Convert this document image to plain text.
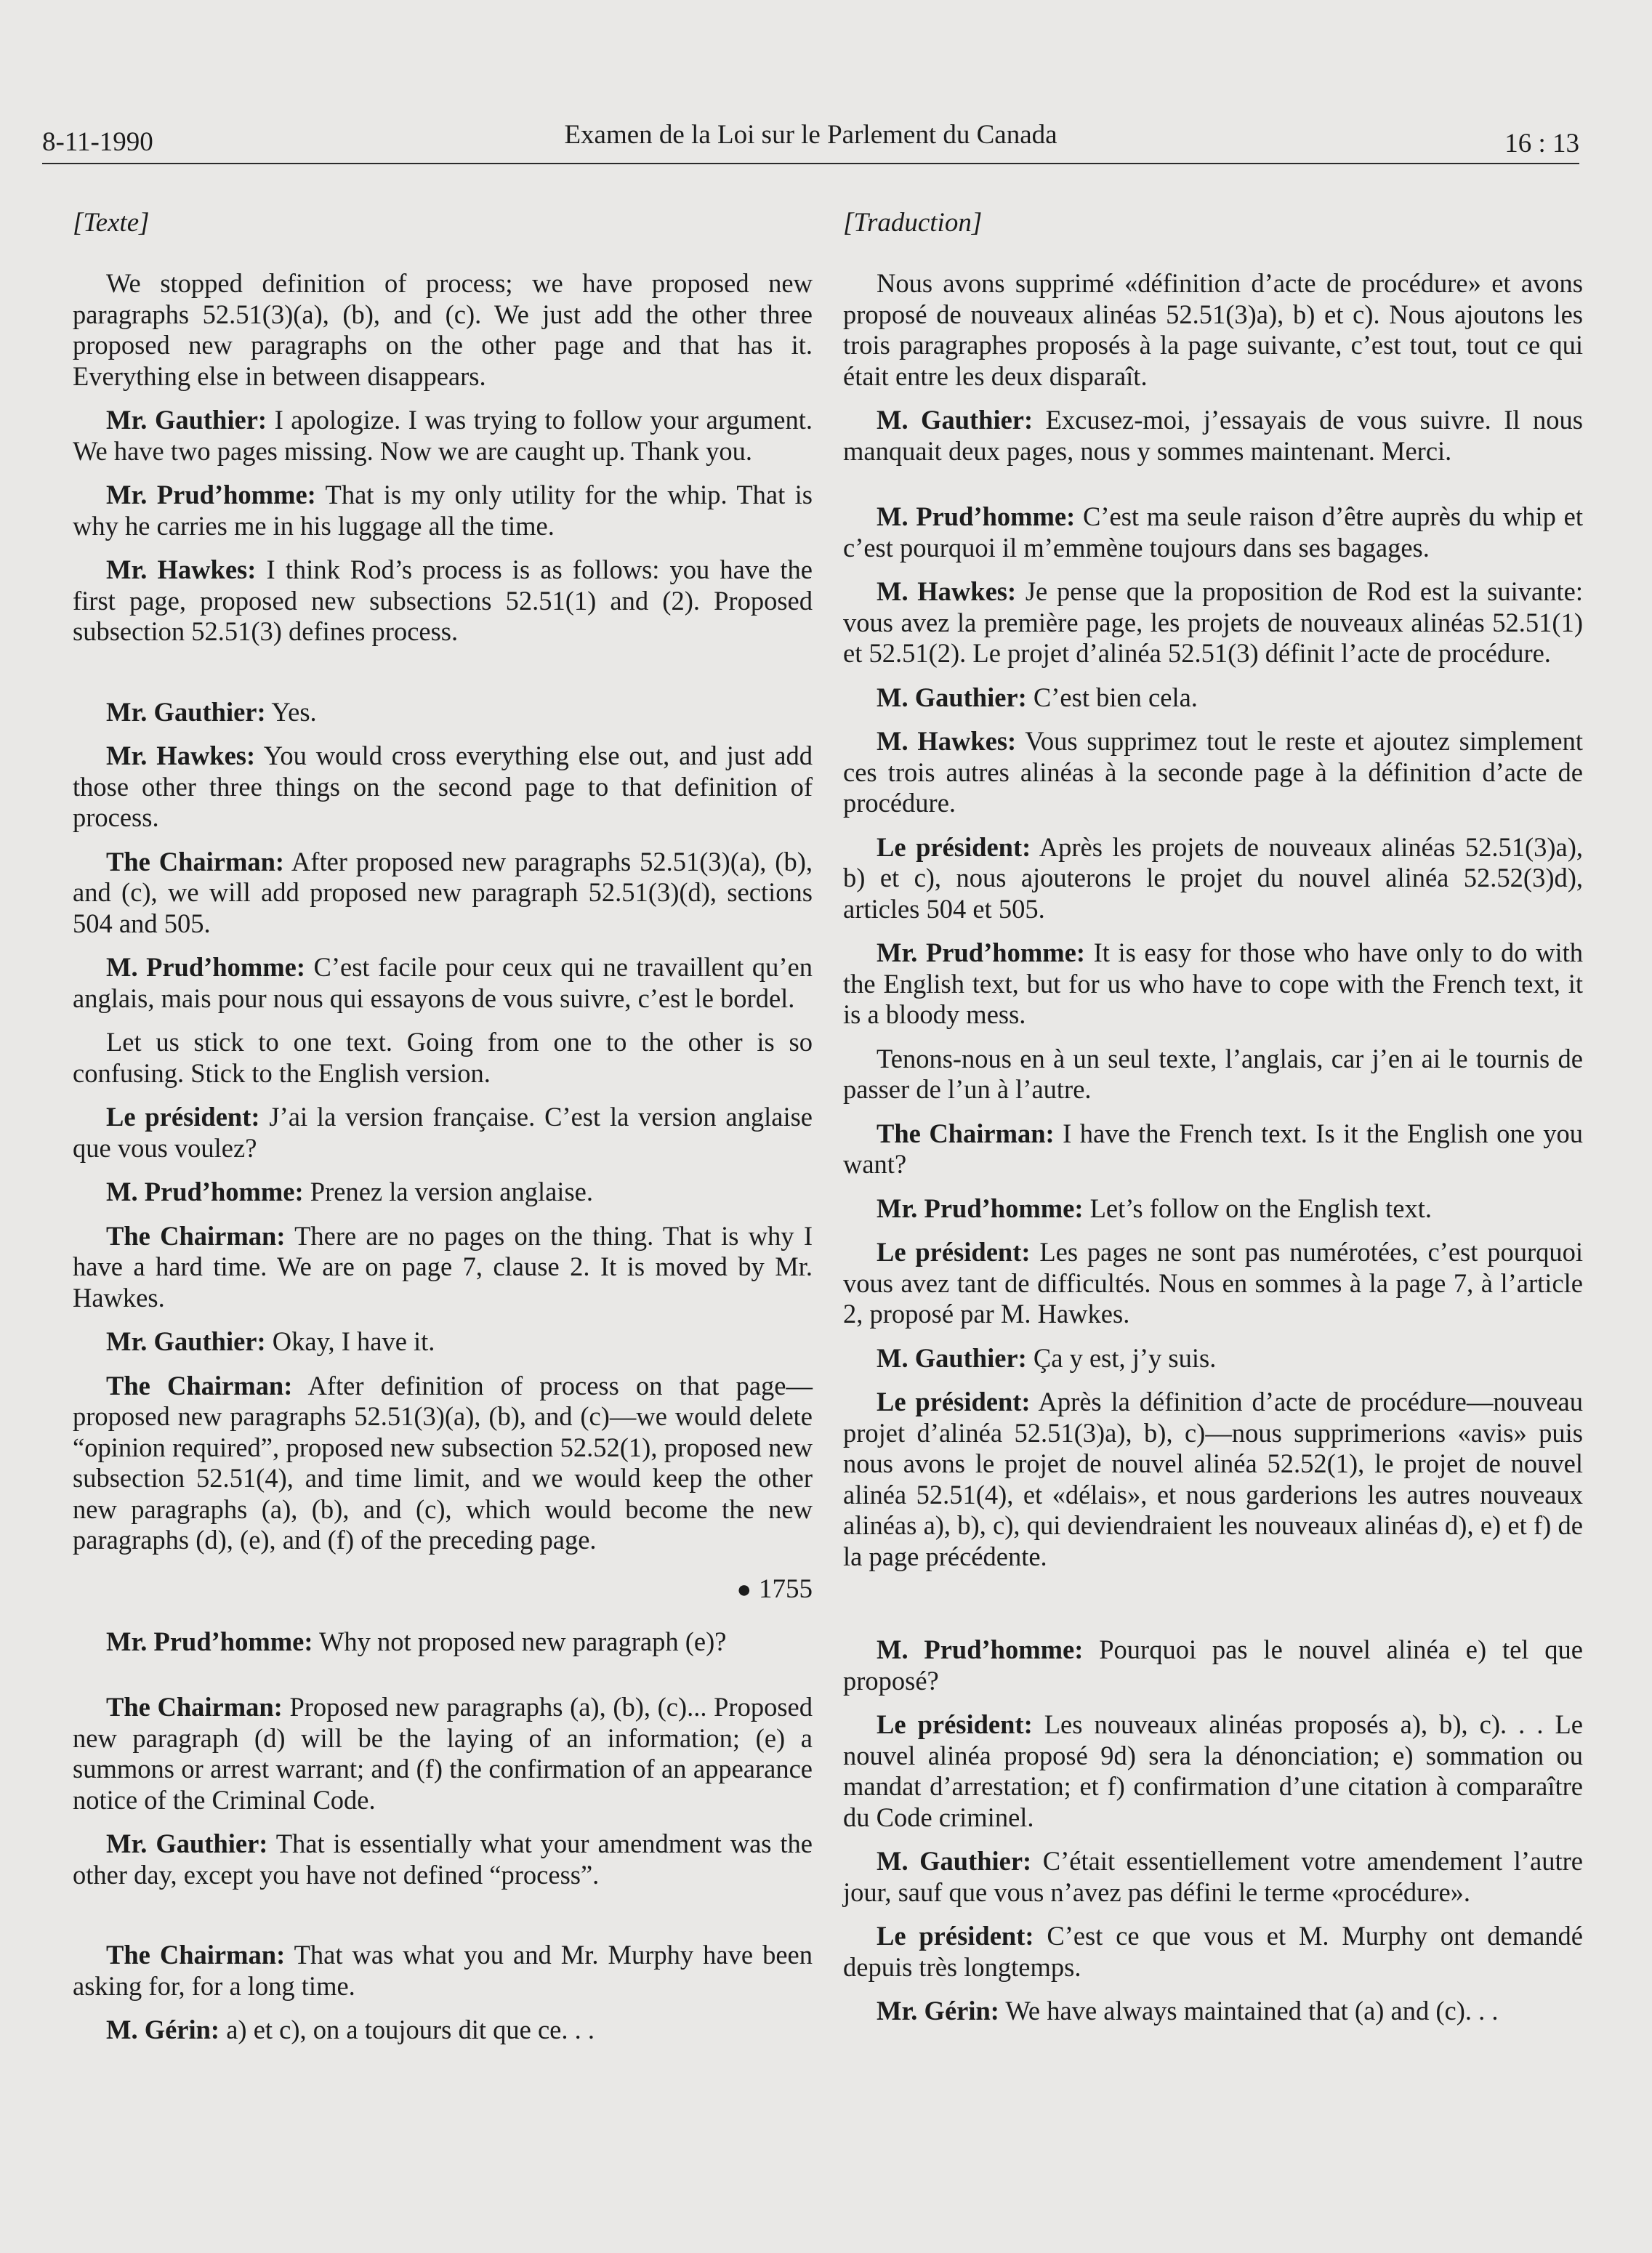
8-11-1990	Examen de la Loi sur le Parlement du Canada	16 : 13
[Texte]

We stopped definition of process; we have proposed new paragraphs 52.51(3)(a), (b), and (c). We just add the other three proposed new paragraphs on the other page and that has it. Everything else in between disappears.

Mr. Gauthier: I apologize. I was trying to follow your argument. We have two pages missing. Now we are caught up. Thank you.

Mr. Prud’homme: That is my only utility for the whip. That is why he carries me in his luggage all the time.

Mr. Hawkes: I think Rod’s process is as follows: you have the first page, proposed new subsections 52.51(1) and (2). Proposed subsection 52.51(3) defines process.

Mr. Gauthier: Yes.

Mr. Hawkes: You would cross everything else out, and just add those other three things on the second page to that definition of process.

The Chairman: After proposed new paragraphs 52.51(3)(a), (b), and (c), we will add proposed new paragraph 52.51(3)(d), sections 504 and 505.

M. Prud’homme: C’est facile pour ceux qui ne travaillent qu’en anglais, mais pour nous qui essayons de vous suivre, c’est le bordel.

Let us stick to one text. Going from one to the other is so confusing. Stick to the English version.

Le président: J’ai la version française. C’est la version anglaise que vous voulez?

M. Prud’homme: Prenez la version anglaise.

The Chairman: There are no pages on the thing. That is why I have a hard time. We are on page 7, clause 2. It is moved by Mr. Hawkes.

Mr. Gauthier: Okay, I have it.

The Chairman: After definition of process on that page—proposed new paragraphs 52.51(3)(a), (b), and (c)—we would delete “opinion required”, proposed new subsection 52.52(1), proposed new subsection 52.51(4), and time limit, and we would keep the other new paragraphs (a), (b), and (c), which would become the new paragraphs (d), (e), and (f) of the preceding page.

● 1755

Mr. Prud’homme: Why not proposed new paragraph (e)?

The Chairman: Proposed new paragraphs (a), (b), (c)... Proposed new paragraph (d) will be the laying of an information; (e) a summons or arrest warrant; and (f) the confirmation of an appearance notice of the Criminal Code.

Mr. Gauthier: That is essentially what your amendment was the other day, except you have not defined “process”.

The Chairman: That was what you and Mr. Murphy have been asking for, for a long time.

M. Gérin: a) et c), on a toujours dit que ce. . .

[Traduction]

Nous avons supprimé «définition d’acte de procédure» et avons proposé de nouveaux alinéas 52.51(3)a), b) et c). Nous ajoutons les trois paragraphes proposés à la page suivante, c’est tout, tout ce qui était entre les deux disparaît.

M. Gauthier: Excusez-moi, j’essayais de vous suivre. Il nous manquait deux pages, nous y sommes maintenant. Merci.

M. Prud’homme: C’est ma seule raison d’être auprès du whip et c’est pourquoi il m’emmène toujours dans ses bagages.

M. Hawkes: Je pense que la proposition de Rod est la suivante: vous avez la première page, les projets de nouveaux alinéas 52.51(1) et 52.51(2). Le projet d’alinéa 52.51(3) définit l’acte de procédure.

M. Gauthier: C’est bien cela.

M. Hawkes: Vous supprimez tout le reste et ajoutez simplement ces trois autres alinéas à la seconde page à la définition d’acte de procédure.

Le président: Après les projets de nouveaux alinéas 52.51(3)a), b) et c), nous ajouterons le projet du nouvel alinéa 52.52(3)d), articles 504 et 505.

Mr. Prud’homme: It is easy for those who have only to do with the English text, but for us who have to cope with the French text, it is a bloody mess.

Tenons-nous en à un seul texte, l’anglais, car j’en ai le tournis de passer de l’un à l’autre.

The Chairman: I have the French text. Is it the English one you want?

Mr. Prud’homme: Let’s follow on the English text.

Le président: Les pages ne sont pas numérotées, c’est pourquoi vous avez tant de difficultés. Nous en sommes à la page 7, à l’article 2, proposé par M. Hawkes.

M. Gauthier: Ça y est, j’y suis.

Le président: Après la définition d’acte de procédure—nouveau projet d’alinéa 52.51(3)a), b), c)—nous supprimerions «avis» puis nous avons le projet de nouvel alinéa 52.52(1), le projet de nouvel alinéa 52.51(4), et «délais», et nous garderions les autres nouveaux alinéas a), b), c), qui deviendraient les nouveaux alinéas d), e) et f) de la page précédente.

M. Prud’homme: Pourquoi pas le nouvel alinéa e) tel que proposé?

Le président: Les nouveaux alinéas proposés a), b), c). . . Le nouvel alinéa proposé 9d) sera la dénonciation; e) sommation ou mandat d’arrestation; et f) confirmation d’une citation à comparaître du Code criminel.

M. Gauthier: C’était essentiellement votre amendement l’autre jour, sauf que vous n’avez pas défini le terme «procédure».

Le président: C’est ce que vous et M. Murphy ont demandé depuis très longtemps.

Mr. Gérin: We have always maintained that (a) and (c). . .
